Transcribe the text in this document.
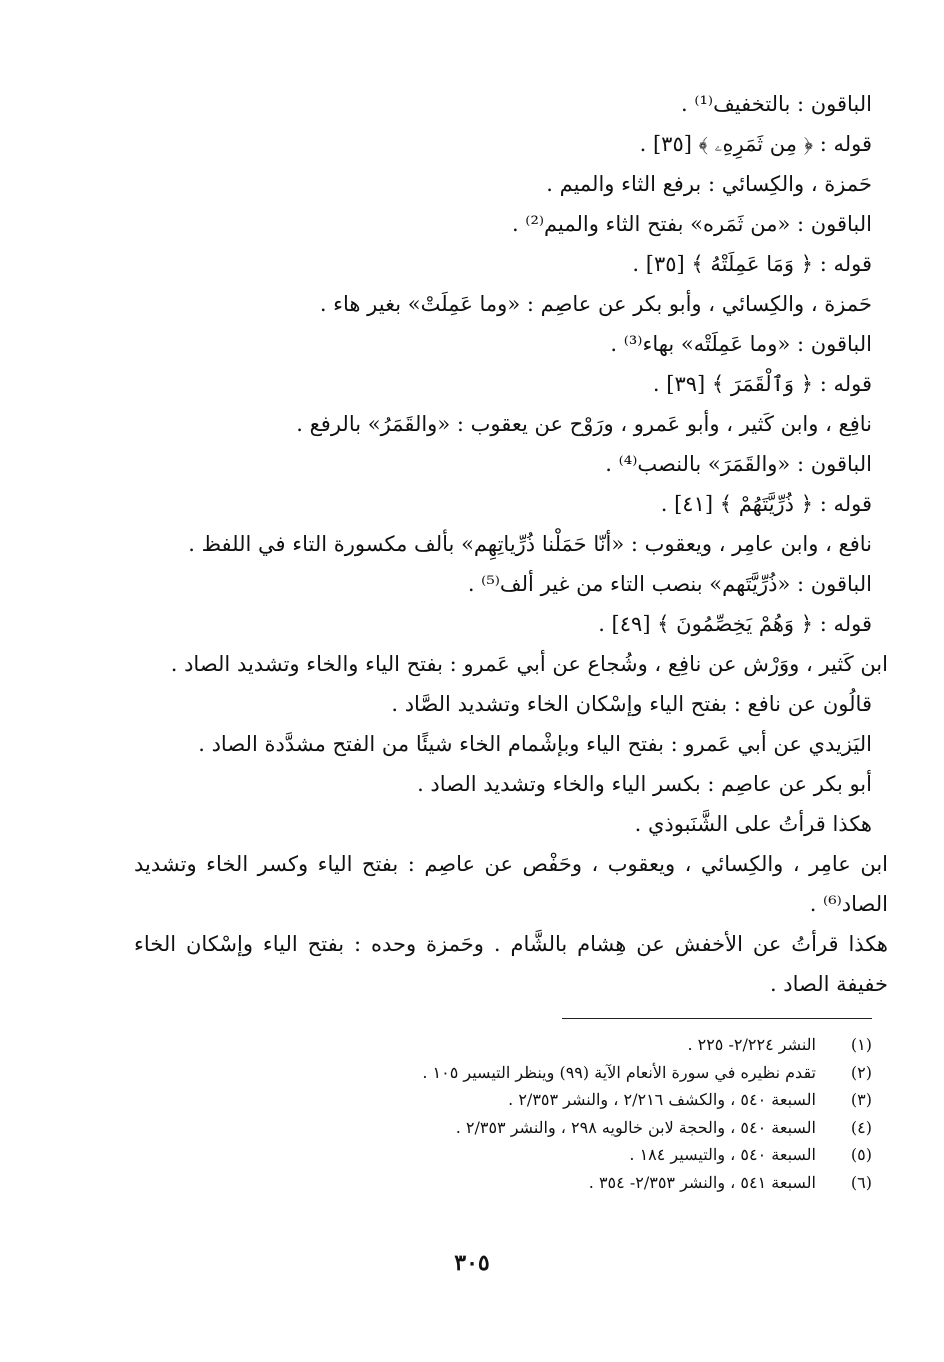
الباقون : بالتخفيف⁽¹⁾ .

قوله : ﴿ مِن ثَمَرِهِۦ ﴾ [٣٥] .

حَمزة ، والكِسائي : برفع الثاء والميم .

الباقون : «من ثَمَره» بفتح الثاء والميم⁽²⁾ .

قوله : ﴿ وَمَا عَمِلَتْهُ ﴾ [٣٥] .

حَمزة ، والكِسائي ، وأبو بكر عن عاصِم : «وما عَمِلَتْ» بغير هاء .

الباقون : «وما عَمِلَتْه» بهاء⁽³⁾ .

قوله : ﴿ وَٱلْقَمَرَ ﴾ [٣٩] .

نافِع ، وابن كَثير ، وأبو عَمرو ، ورَوْح عن يعقوب : «والقَمَرُ» بالرفع .

الباقون : «والقَمَرَ» بالنصب⁽⁴⁾ .

قوله : ﴿ ذُرِّيَّتَهُمْ ﴾ [٤١] .

نافع ، وابن عامِر ، ويعقوب : «أنّا حَمَلْنا ذُرِّياتِهِم» بألف مكسورة التاء في اللفظ .

الباقون : «ذُرِّيَّتَهم» بنصب التاء من غير ألف⁽⁵⁾ .

قوله : ﴿ وَهُمْ يَخِصِّمُونَ ﴾ [٤٩] .

ابن كَثير ، ووَرْش عن نافِع ، وشُجاع عن أبي عَمرو : بفتح الياء والخاء وتشديد الصاد .

قالُون عن نافع : بفتح الياء وإسْكان الخاء وتشديد الصَّاد .

اليَزيدي عن أبي عَمرو : بفتح الياء وبإشْمام الخاء شيئًا من الفتح مشدَّدة الصاد .

أبو بكر عن عاصِم : بكسر الياء والخاء وتشديد الصاد .

هكذا قرأتُ على الشَّنَبوذي .

ابن عامِر ، والكِسائي ، ويعقوب ، وحَفْص عن عاصِم : بفتح الياء وكسر الخاء وتشديد الصاد⁽⁶⁾ .

هكذا قرأتُ عن الأخفش عن هِشام بالشَّام . وحَمزة وحده : بفتح الياء وإسْكان الخاء خفيفة الصاد .

(١)
النشر ٢/٢٢٤- ٢٢٥ .
(٢)
تقدم نظيره في سورة الأنعام الآية (٩٩) وينظر التيسير ١٠٥ .
(٣)
السبعة ٥٤٠ ، والكشف ٢/٢١٦ ، والنشر ٢/٣٥٣ .
(٤)
السبعة ٥٤٠ ، والحجة لابن خالويه ٢٩٨ ، والنشر ٢/٣٥٣ .
(٥)
السبعة ٥٤٠ ، والتيسير ١٨٤ .
(٦)
السبعة ٥٤١ ، والنشر ٢/٣٥٣- ٣٥٤ .
٣٠٥
